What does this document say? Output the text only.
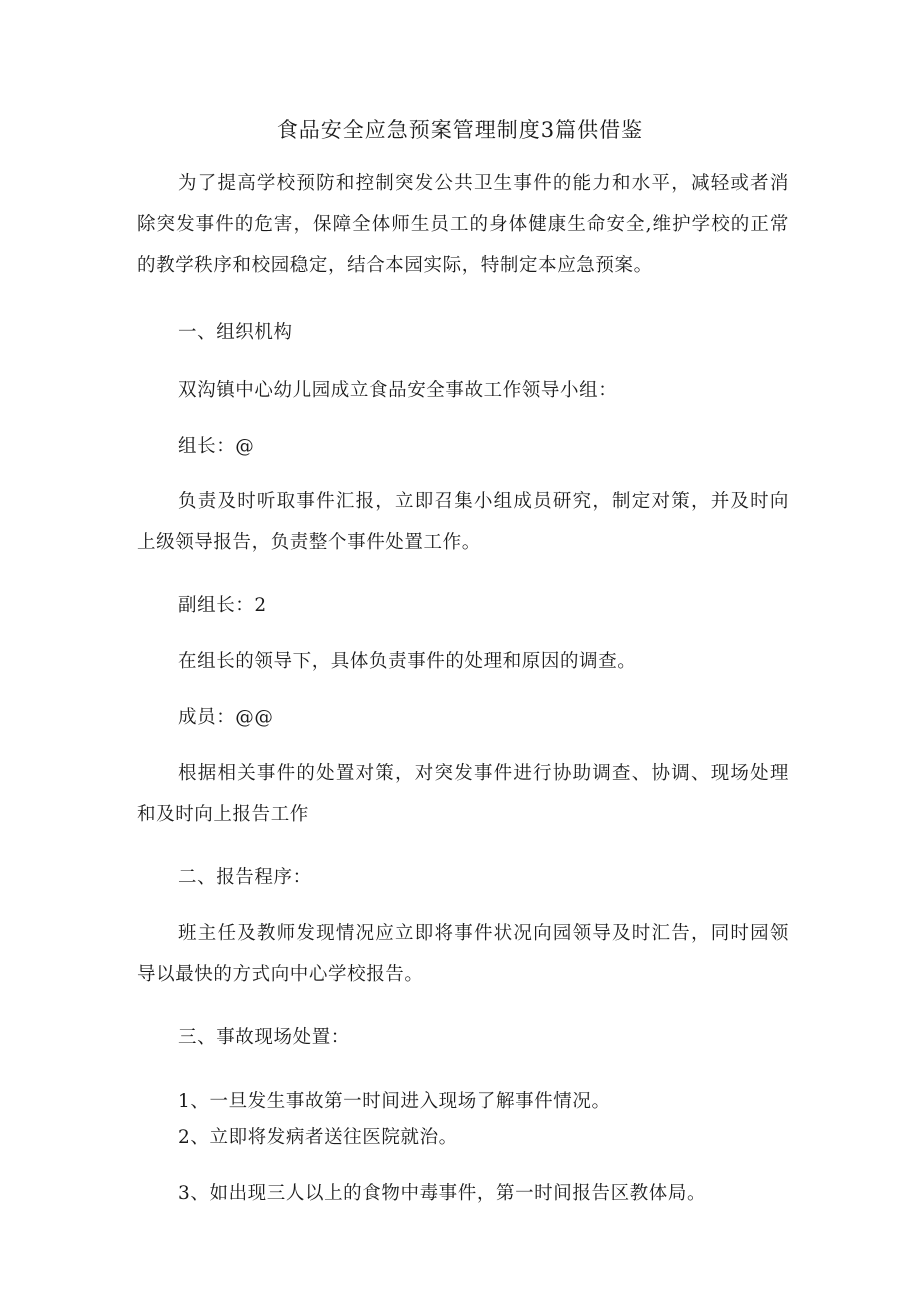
食品安全应急预案管理制度3篇供借鉴

为了提高学校预防和控制突发公共卫生事件的能力和水平，减轻或者消除突发事件的危害，保障全体师生员工的身体健康生命安全,维护学校的正常的教学秩序和校园稳定，结合本园实际，特制定本应急预案。

一、组织机构

双沟镇中心幼儿园成立食品安全事故工作领导小组：

组长：@

负责及时听取事件汇报，立即召集小组成员研究，制定对策，并及时向上级领导报告，负责整个事件处置工作。

副组长：2

在组长的领导下，具体负责事件的处理和原因的调查。

成员：@@

根据相关事件的处置对策，对突发事件进行协助调查、协调、现场处理和及时向上报告工作

二、报告程序：

班主任及教师发现情况应立即将事件状况向园领导及时汇告，同时园领导以最快的方式向中心学校报告。

三、事故现场处置：

1、一旦发生事故第一时间进入现场了解事件情况。

2、立即将发病者送往医院就治。

3、如出现三人以上的食物中毒事件，第一时间报告区教体局。
